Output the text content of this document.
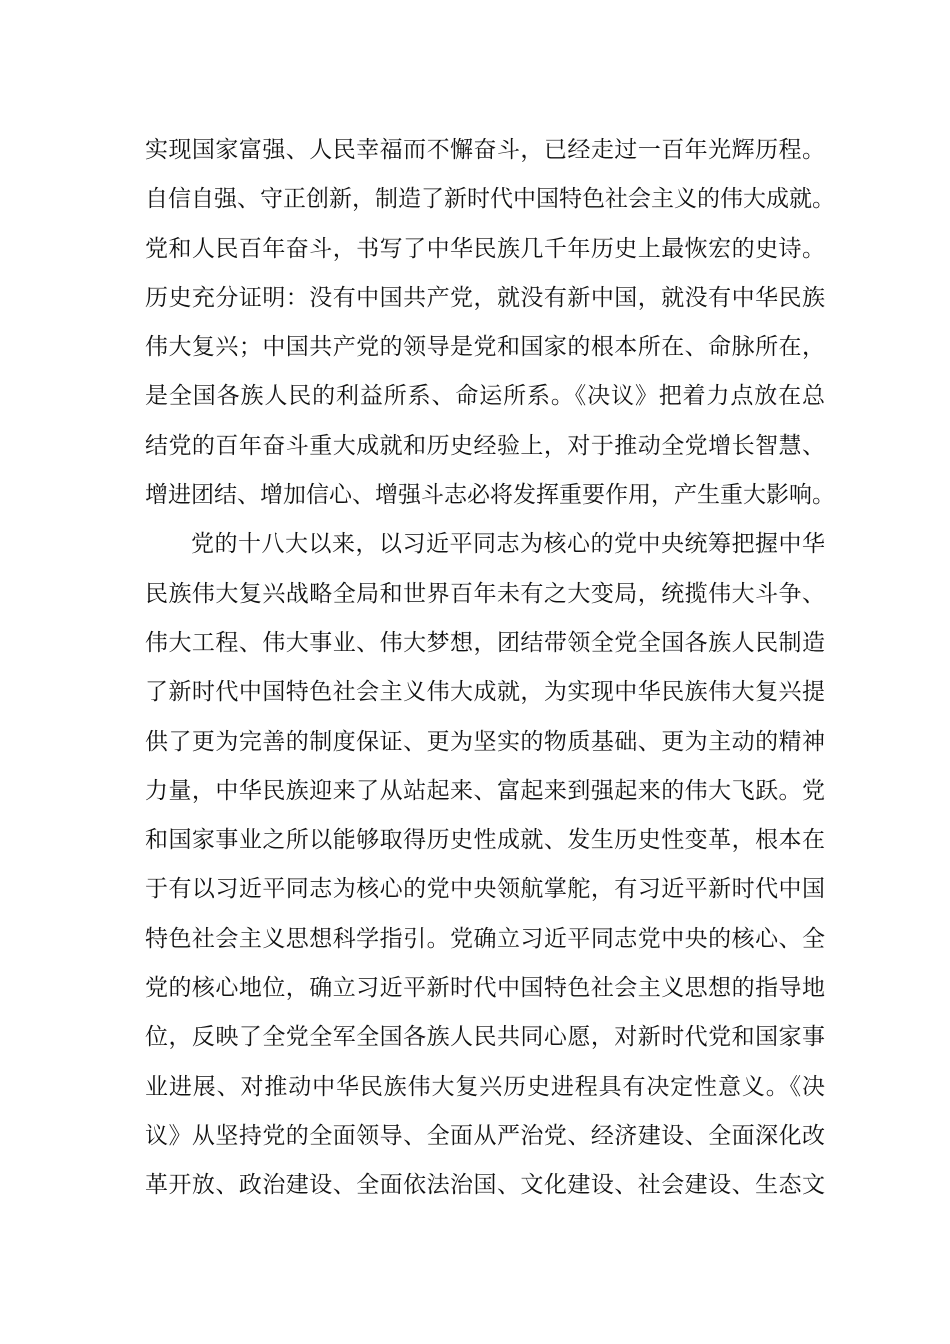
实现国家富强、人民幸福而不懈奋斗，已经走过一百年光辉历程。
自信自强、守正创新，制造了新时代中国特色社会主义的伟大成就。
党和人民百年奋斗，书写了中华民族几千年历史上最恢宏的史诗。
历史充分证明：没有中国共产党，就没有新中国，就没有中华民族
伟大复兴；中国共产党的领导是党和国家的根本所在、命脉所在，
是全国各族人民的利益所系、命运所系。《决议》把着力点放在总
结党的百年奋斗重大成就和历史经验上，对于推动全党增长智慧、
增进团结、增加信心、增强斗志必将发挥重要作用，产生重大影响。
党的十八大以来，以习近平同志为核心的党中央统筹把握中华
民族伟大复兴战略全局和世界百年未有之大变局，统揽伟大斗争、
伟大工程、伟大事业、伟大梦想，团结带领全党全国各族人民制造
了新时代中国特色社会主义伟大成就，为实现中华民族伟大复兴提
供了更为完善的制度保证、更为坚实的物质基础、更为主动的精神
力量，中华民族迎来了从站起来、富起来到强起来的伟大飞跃。党
和国家事业之所以能够取得历史性成就、发生历史性变革，根本在
于有以习近平同志为核心的党中央领航掌舵，有习近平新时代中国
特色社会主义思想科学指引。党确立习近平同志党中央的核心、全
党的核心地位，确立习近平新时代中国特色社会主义思想的指导地
位，反映了全党全军全国各族人民共同心愿，对新时代党和国家事
业进展、对推动中华民族伟大复兴历史进程具有决定性意义。《决
议》从坚持党的全面领导、全面从严治党、经济建设、全面深化改
革开放、政治建设、全面依法治国、文化建设、社会建设、生态文
